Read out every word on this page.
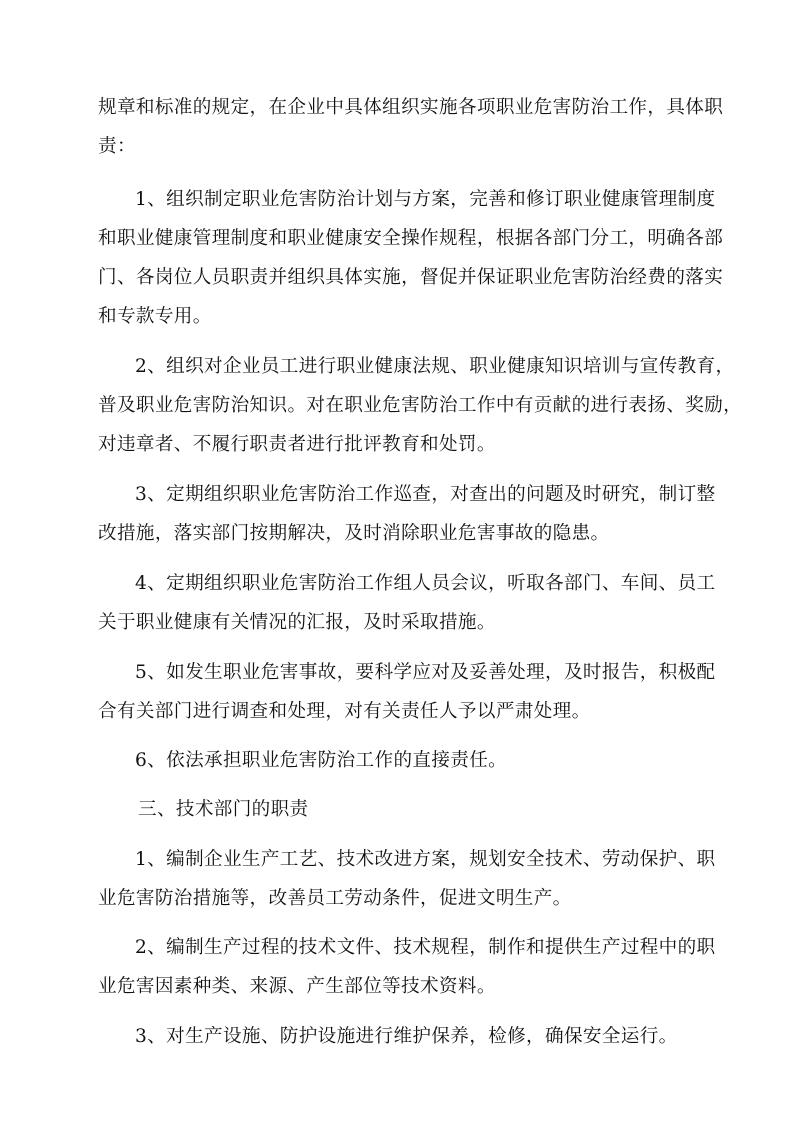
规章和标准的规定，在企业中具体组织实施各项职业危害防治工作，具体职
责：
1、组织制定职业危害防治计划与方案，完善和修订职业健康管理制度
和职业健康管理制度和职业健康安全操作规程，根据各部门分工，明确各部
门、各岗位人员职责并组织具体实施，督促并保证职业危害防治经费的落实
和专款专用。
2、组织对企业员工进行职业健康法规、职业健康知识培训与宣传教育，
普及职业危害防治知识。对在职业危害防治工作中有贡献的进行表扬、奖励，
对违章者、不履行职责者进行批评教育和处罚。
3、定期组织职业危害防治工作巡查，对查出的问题及时研究，制订整
改措施，落实部门按期解决，及时消除职业危害事故的隐患。
4、定期组织职业危害防治工作组人员会议，听取各部门、车间、员工
关于职业健康有关情况的汇报，及时采取措施。
5、如发生职业危害事故，要科学应对及妥善处理，及时报告，积极配
合有关部门进行调查和处理，对有关责任人予以严肃处理。
6、依法承担职业危害防治工作的直接责任。
三、技术部门的职责
1、编制企业生产工艺、技术改进方案，规划安全技术、劳动保护、职
业危害防治措施等，改善员工劳动条件，促进文明生产。
2、编制生产过程的技术文件、技术规程，制作和提供生产过程中的职
业危害因素种类、来源、产生部位等技术资料。
3、对生产设施、防护设施进行维护保养，检修，确保安全运行。
